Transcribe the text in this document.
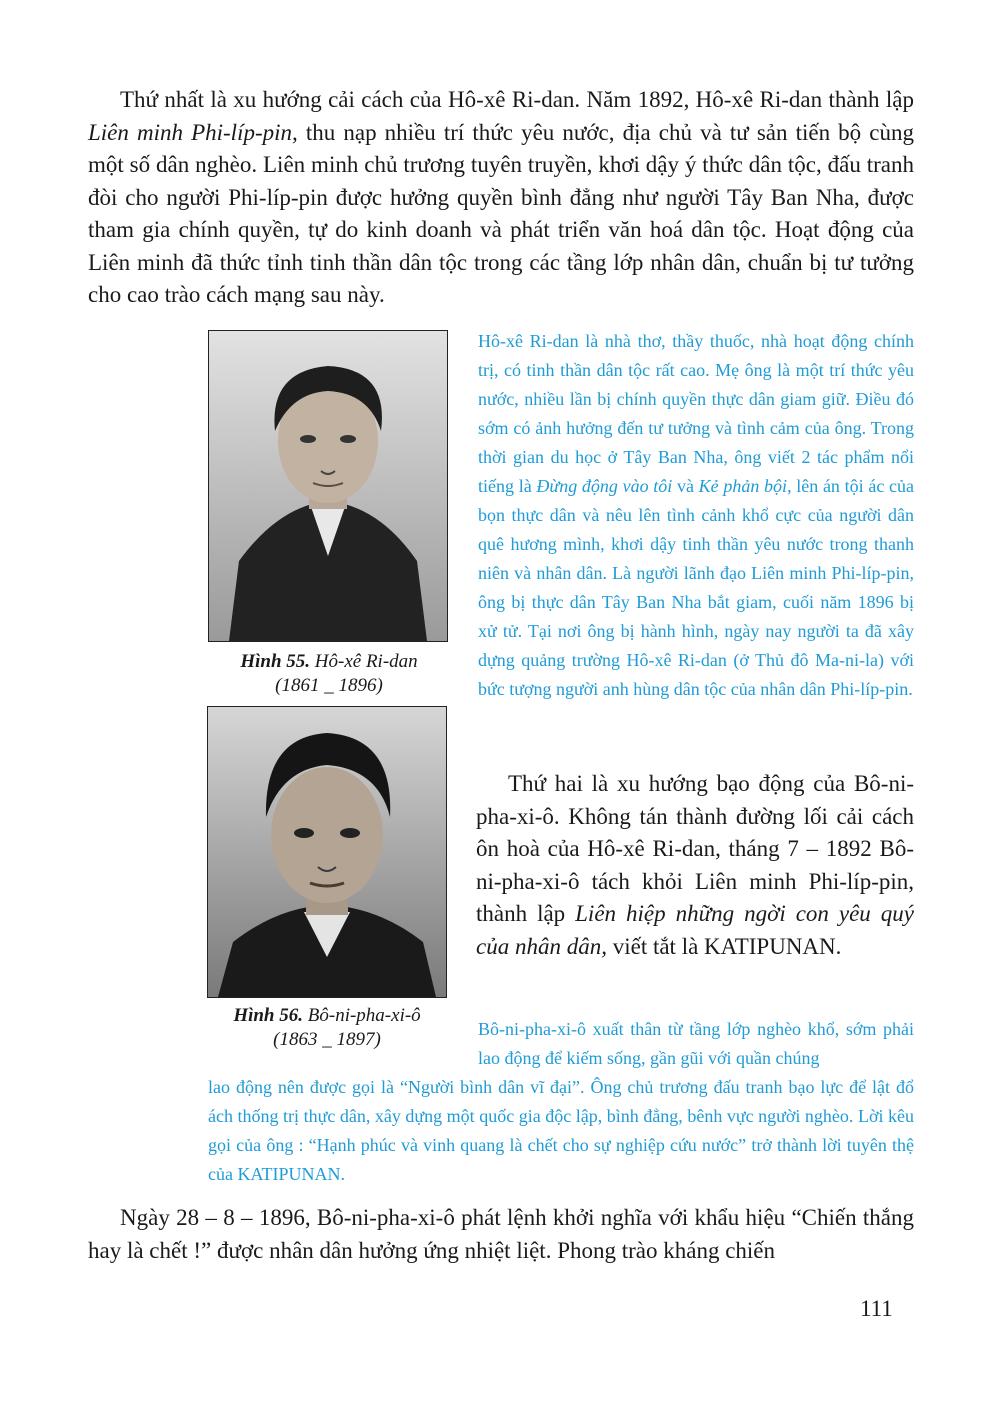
Thứ nhất là xu hướng cải cách của Hô-xê Ri-dan. Năm 1892, Hô-xê Ri-dan thành lập Liên minh Phi-líp-pin, thu nạp nhiều trí thức yêu nước, địa chủ và tư sản tiến bộ cùng một số dân nghèo. Liên minh chủ trương tuyên truyền, khơi dậy ý thức dân tộc, đấu tranh đòi cho người Phi-líp-pin được hưởng quyền bình đẳng như người Tây Ban Nha, được tham gia chính quyền, tự do kinh doanh và phát triển văn hoá dân tộc. Hoạt động của Liên minh đã thức tỉnh tinh thần dân tộc trong các tầng lớp nhân dân, chuẩn bị tư tưởng cho cao trào cách mạng sau này.

Hình 55. Hô-xê Ri-dan
(1861 _ 1896)
Hô-xê Ri-dan là nhà thơ, thầy thuốc, nhà hoạt động chính trị, có tinh thần dân tộc rất cao. Mẹ ông là một trí thức yêu nước, nhiều lần bị chính quyền thực dân giam giữ. Điều đó sớm có ảnh hưởng đến tư tưởng và tình cảm của ông. Trong thời gian du học ở Tây Ban Nha, ông viết 2 tác phẩm nổi tiếng là Đừng động vào tôi và Kẻ phản bội, lên án tội ác của bọn thực dân và nêu lên tình cảnh khổ cực của người dân quê hương mình, khơi dậy tinh thần yêu nước trong thanh niên và nhân dân. Là người lãnh đạo Liên minh Phi-líp-pin, ông bị thực dân Tây Ban Nha bắt giam, cuối năm 1896 bị xử tử. Tại nơi ông bị hành hình, ngày nay người ta đã xây dựng quảng trường Hô-xê Ri-dan (ở Thủ đô Ma-ni-la) với bức tượng người anh hùng dân tộc của nhân dân Phi-líp-pin.
Hình 56. Bô-ni-pha-xi-ô
(1863 _ 1897)

Thứ hai là xu hướng bạo động của Bô-ni-pha-xi-ô. Không tán thành đường lối cải cách ôn hoà của Hô-xê Ri-dan, tháng 7 – 1892 Bô-ni-pha-xi-ô tách khỏi Liên minh Phi-líp-pin, thành lập Liên hiệp những ngời con yêu quý của nhân dân, viết tắt là KATIPUNAN.

Bô-ni-pha-xi-ô xuất thân từ tầng lớp nghèo khổ, sớm phải lao động để kiếm sống, gần gũi với quần chúng
lao động nên được gọi là “Người bình dân vĩ đại”. Ông chủ trương đấu tranh bạo lực để lật đổ ách thống trị thực dân, xây dựng một quốc gia độc lập, bình đẳng, bênh vực người nghèo. Lời kêu gọi của ông : “Hạnh phúc và vinh quang là chết cho sự nghiệp cứu nước” trở thành lời tuyên thệ của KATIPUNAN.

Ngày 28 – 8 – 1896, Bô-ni-pha-xi-ô phát lệnh khởi nghĩa với khẩu hiệu “Chiến thắng hay là chết !” được nhân dân hưởng ứng nhiệt liệt. Phong trào kháng chiến

111
